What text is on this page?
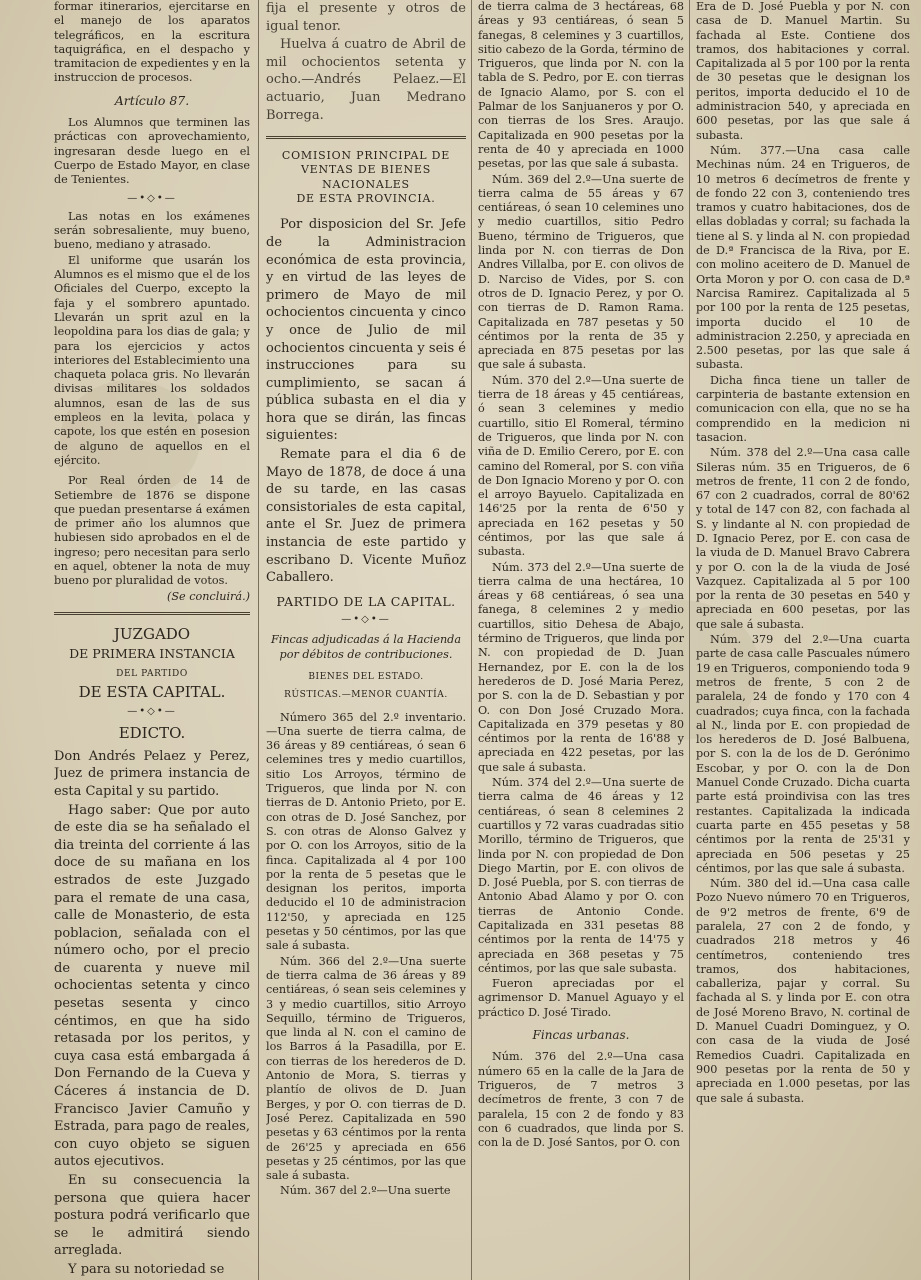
formar itinerarios, ejercitarse en el manejo de los aparatos telegráficos, en la escritura taquigráfica, en el despacho y tramitacion de expedientes y en la instruccion de procesos.

Artículo 87.

Los Alumnos que terminen las prácticas con aprovechamiento, ingresaran desde luego en el Cuerpo de Estado Mayor, en clase de Tenientes.

—•◇•—

Las notas en los exámenes serán sobresaliente, muy bueno, bueno, mediano y atrasado.

El uniforme que usarán los Alumnos es el mismo que el de los Oficiales del Cuerpo, excepto la faja y el sombrero apuntado. Llevarán un sprit azul en la leopoldina para los dias de gala; y para los ejercicios y actos interiores del Establecimiento una chaqueta polaca gris. No llevarán divisas militares los soldados alumnos, esan de las de sus empleos en la levita, polaca y capote, los que estén en posesion de alguno de aquellos en el ejército.

Por Real órden de 14 de Setiembre de 1876 se dispone que puedan presentarse á exámen de primer año los alumnos que hubiesen sido aprobados en el de ingreso; pero necesitan para serlo en aquel, obtener la nota de muy bueno por pluralidad de votos.

(Se concluirá.)

JUZGADO
DE PRIMERA INSTANCIA
DEL PARTIDO
DE ESTA CAPITAL.
—•◇•—
EDICTO.

Don Andrés Pelaez y Perez, Juez de primera instancia de esta Capital y su partido.

Hago saber: Que por auto de este dia se ha señalado el dia treinta del corriente á las doce de su mañana en los estrados de este Juzgado para el remate de una casa, calle de Monasterio, de esta poblacion, señalada con el número ocho, por el precio de cuarenta y nueve mil ochocientas setenta y cinco pesetas sesenta y cinco céntimos, en que ha sido retasada por los peritos, y cuya casa está embargada á Don Fernando de la Cueva y Cáceres á instancia de D. Francisco Javier Camuño y Estrada, para pago de reales, con cuyo objeto se siguen autos ejecutivos.

En su consecuencia la persona que quiera hacer postura podrá verificarlo que se le admitirá siendo arreglada.

Y para su notoriedad se

fija el presente y otros de igual tenor.

Huelva á cuatro de Abril de mil ochocientos setenta y ocho.—Andrés Pelaez.—El actuario, Juan Medrano Borrega.

COMISION PRINCIPAL DE VENTAS DE BIENES NACIONALES
DE ESTA PROVINCIA.

Por disposicion del Sr. Jefe de la Administracion económica de esta provincia, y en virtud de las leyes de primero de Mayo de mil ochocientos cincuenta y cinco y once de Julio de mil ochocientos cincuenta y seis é instrucciones para su cumplimiento, se sacan á pública subasta en el dia y hora que se dirán, las fincas siguientes:

Remate para el dia 6 de Mayo de 1878, de doce á una de su tarde, en las casas consistoriales de esta capital, ante el Sr. Juez de primera instancia de este partido y escribano D. Vicente Muñoz Caballero.

PARTIDO DE LA CAPITAL.
—•◇•—
Fincas adjudicadas á la Hacienda por débitos de contribuciones.
BIENES DEL ESTADO.
RÚSTICAS.—MENOR CUANTÍA.

Número 365 del 2.º inventario.—Una suerte de tierra calma, de 36 áreas y 89 centiáreas, ó sean 6 celemines tres y medio cuartillos, sitio Los Arroyos, término de Trigueros, que linda por N. con tierras de D. Antonio Prieto, por E. con otras de D. José Sanchez, por S. con otras de Alonso Galvez y por O. con los Arroyos, sitio de la finca. Capitalizada al 4 por 100 por la renta de 5 pesetas que le designan los peritos, importa deducido el 10 de administracion 112'50, y apreciada en 125 pesetas y 50 céntimos, por las que sale á subasta.

Núm. 366 del 2.º—Una suerte de tierra calma de 36 áreas y 89 centiáreas, ó sean seis celemines y 3 y medio cuartillos, sitio Arroyo Sequillo, término de Trigueros, que linda al N. con el camino de los Barros á la Pasadilla, por E. con tierras de los herederos de D. Antonio de Mora, S. tierras y plantío de olivos de D. Juan Berges, y por O. con tierras de D. José Perez. Capitalizada en 590 pesetas y 63 céntimos por la renta de 26'25 y apreciada en 656 pesetas y 25 céntimos, por las que sale á subasta.

Núm. 367 del 2.º—Una suerte

de tierra calma de 3 hectáreas, 68 áreas y 93 centiáreas, ó sean 5 fanegas, 8 celemines y 3 cuartillos, sitio cabezo de la Gorda, término de Trigueros, que linda por N. con la tabla de S. Pedro, por E. con tierras de Ignacio Alamo, por S. con el Palmar de los Sanjuaneros y por O. con tierras de los Sres. Araujo. Capitalizada en 900 pesetas por la renta de 40 y apreciada en 1000 pesetas, por las que sale á subasta.

Núm. 369 del 2.º—Una suerte de tierra calma de 55 áreas y 67 centiáreas, ó sean 10 celemines uno y medio cuartillos, sitio Pedro Bueno, término de Trigueros, que linda por N. con tierras de Don Andres Villalba, por E. con olivos de D. Narciso de Vides, por S. con otros de D. Ignacio Perez, y por O. con tierras de D. Ramon Rama. Capitalizada en 787 pesetas y 50 céntimos por la renta de 35 y apreciada en 875 pesetas por las que sale á subasta.

Núm. 370 del 2.º—Una suerte de tierra de 18 áreas y 45 centiáreas, ó sean 3 celemines y medio cuartillo, sitio El Romeral, término de Trigueros, que linda por N. con viña de D. Emilio Cerero, por E. con camino del Romeral, por S. con viña de Don Ignacio Moreno y por O. con el arroyo Bayuelo. Capitalizada en 146'25 por la renta de 6'50 y apreciada en 162 pesetas y 50 céntimos, por las que sale á subasta.

Núm. 373 del 2.º—Una suerte de tierra calma de una hectárea, 10 áreas y 68 centiáreas, ó sea una fanega, 8 celemines 2 y medio cuartillos, sitio Dehesa de Abajo, término de Trigueros, que linda por N. con propiedad de D. Juan Hernandez, por E. con la de los herederos de D. José Maria Perez, por S. con la de D. Sebastian y por O. con Don José Cruzado Mora. Capitalizada en 379 pesetas y 80 céntimos por la renta de 16'88 y apreciada en 422 pesetas, por las que sale á subasta.

Núm. 374 del 2.º—Una suerte de tierra calma de 46 áreas y 12 centiáreas, ó sean 8 celemines 2 cuartillos y 72 varas cuadradas sitio Morillo, término de Trigueros, que linda por N. con propiedad de Don Diego Martin, por E. con olivos de D. José Puebla, por S. con tierras de Antonio Abad Alamo y por O. con tierras de Antonio Conde. Capitalizada en 331 pesetas 88 céntimos por la renta de 14'75 y apreciada en 368 pesetas y 75 céntimos, por las que sale subasta.

Fueron apreciadas por el agrimensor D. Manuel Aguayo y el práctico D. José Tirado.

Fincas urbanas.

Núm. 376 del 2.º—Una casa número 65 en la calle de la Jara de Trigueros, de 7 metros 3 decímetros de frente, 3 con 7 de paralela, 15 con 2 de fondo y 83 con 6 cuadrados, que linda por S. con la de D. José Santos, por O. con

Era de D. José Puebla y por N. con casa de D. Manuel Martin. Su fachada al Este. Contiene dos tramos, dos habitaciones y corral. Capitalizada al 5 por 100 por la renta de 30 pesetas que le designan los peritos, importa deducido el 10 de administracion 540, y apreciada en 600 pesetas, por las que sale á subasta.

Núm. 377.—Una casa calle Mechinas núm. 24 en Trigueros, de 10 metros 6 decímetros de frente y de fondo 22 con 3, conteniendo tres tramos y cuatro habitaciones, dos de ellas dobladas y corral; su fachada la tiene al S. y linda al N. con propiedad de D.ª Francisca de la Riva, por E. con molino aceitero de D. Manuel de Orta Moron y por O. con casa de D.ª Narcisa Ramirez. Capitalizada al 5 por 100 por la renta de 125 pesetas, importa ducido el 10 de administracion 2.250, y apreciada en 2.500 pesetas, por las que sale á subasta.

Dicha finca tiene un taller de carpinteria de bastante extension en comunicacion con ella, que no se ha comprendido en la medicion ni tasacion.

Núm. 378 del 2.º—Una casa calle Sileras núm. 35 en Trigueros, de 6 metros de frente, 11 con 2 de fondo, 67 con 2 cuadrados, corral de 80'62 y total de 147 con 82, con fachada al S. y lindante al N. con propiedad de D. Ignacio Perez, por E. con casa de la viuda de D. Manuel Bravo Cabrera y por O. con la de la viuda de José Vazquez. Capitalizada al 5 por 100 por la renta de 30 pesetas en 540 y apreciada en 600 pesetas, por las que sale á subasta.

Núm. 379 del 2.º—Una cuarta parte de casa calle Pascuales número 19 en Trigueros, componiendo toda 9 metros de frente, 5 con 2 de paralela, 24 de fondo y 170 con 4 cuadrados; cuya finca, con la fachada al N., linda por E. con propiedad de los herederos de D. José Balbuena, por S. con la de los de D. Gerónimo Escobar, y por O. con la de Don Manuel Conde Cruzado. Dicha cuarta parte está proindivisa con las tres restantes. Capitalizada la indicada cuarta parte en 455 pesetas y 58 céntimos por la renta de 25'31 y apreciada en 506 pesetas y 25 céntimos, por las que sale á subasta.

Núm. 380 del id.—Una casa calle Pozo Nuevo número 70 en Trigueros, de 9'2 metros de frente, 6'9 de paralela, 27 con 2 de fondo, y cuadrados 218 metros y 46 centímetros, conteniendo tres tramos, dos habitaciones, caballeriza, pajar y corral. Su fachada al S. y linda por E. con otra de José Moreno Bravo, N. cortinal de D. Manuel Cuadri Dominguez, y O. con casa de la viuda de José Remedios Cuadri. Capitalizada en 900 pesetas por la renta de 50 y apreciada en 1.000 pesetas, por las que sale á subasta.
